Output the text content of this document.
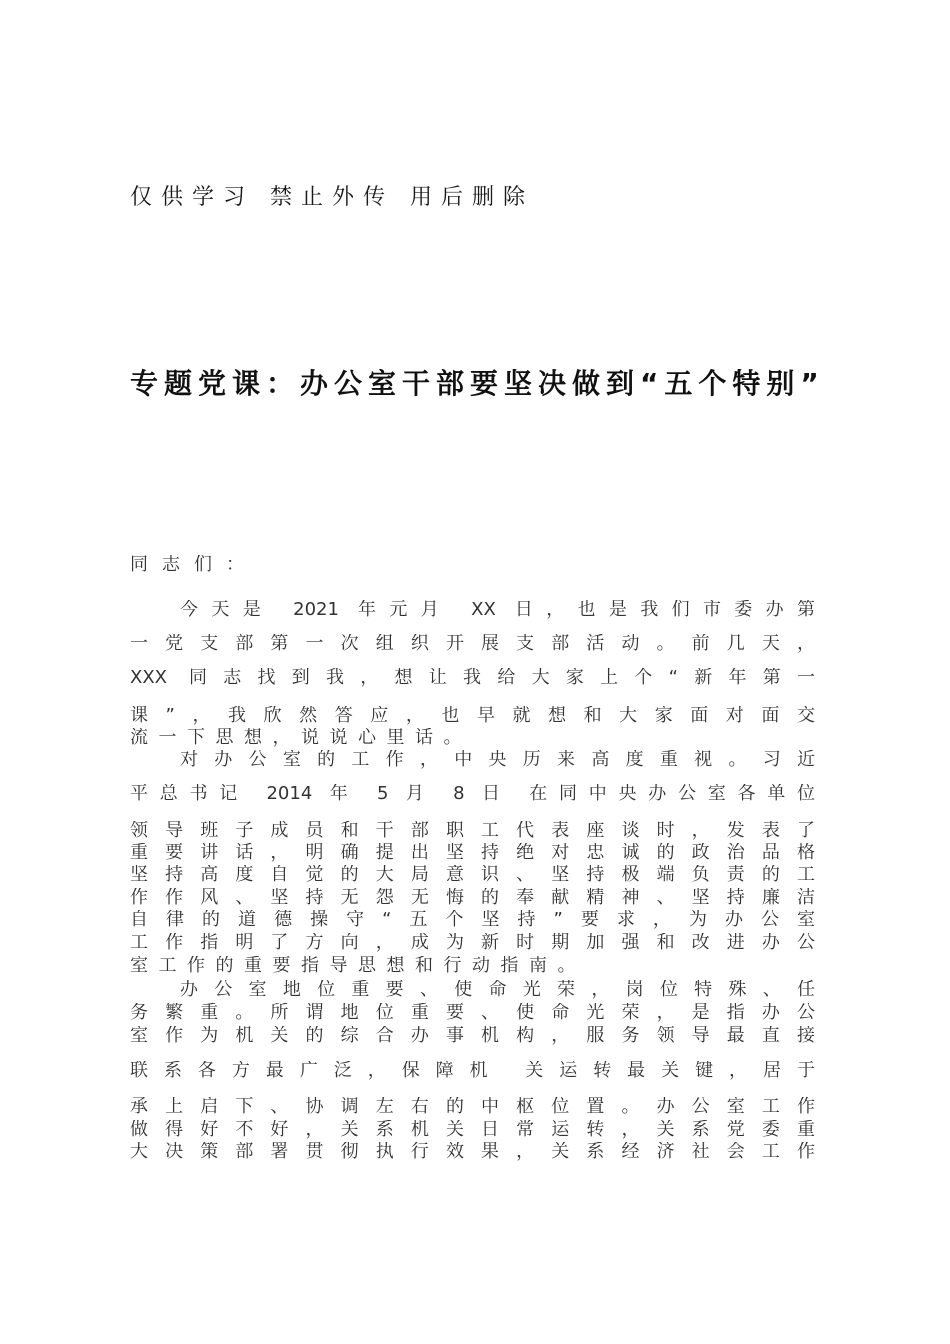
仅供学习 禁止外传 用后删除
专题党课：办公室干部要坚决做到“五个特别”
同志们：
今天是 2021 年元月 XX 日，也是我们市委办第
一党支部第一次组织开展支部活动。前几天，
XXX 同志找到我，想让我给大家上个“新年第一
课”，我欣然答应，也早就想和大家面对面交
流一下思想，说说心里话。
对办公室的工作，中央历来高度重视。习近
平总书记 2014 年 5 月 8 日 在同中央办公室各单位
领导班子成员和干部职工代表座谈时，发表了
重要讲话，明确提出坚持绝对忠诚的政治品格
坚持高度自觉的大局意识、坚持极端负责的工
作作风、坚持无怨无悔的奉献精神、坚持廉洁
自律的道德操守“五个坚持”要求，为办公室
工作指明了方向，成为新时期加强和改进办公
室工作的重要指导思想和行动指南。
办公室地位重要、使命光荣，岗位特殊、任
务繁重。所谓地位重要、使命光荣，是指办公
室作为机关的综合办事机构，服务领导最直接
联系各方最广泛，保障机 关运转最关键，居于
承上启下、协调左右的中枢位置。办公室工作
做得好不好，关系机关日常运转，关系党委重
大决策部署贯彻执行效果，关系经济社会工作
